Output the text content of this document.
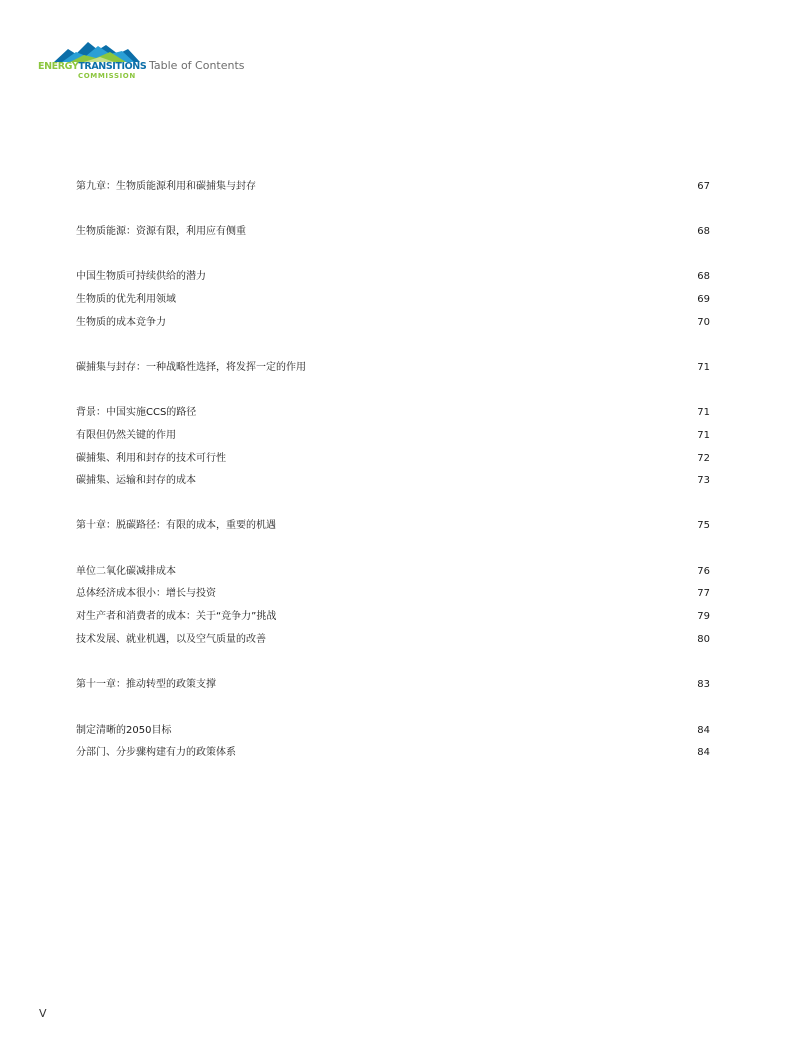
ENERGYTRANSITIONS
COMMISSION
Table of Contents
第九章：生物质能源利用和碳捕集与封存	67
生物质能源：资源有限，利用应有侧重	68
中国生物质可持续供给的潜力	68
生物质的优先利用领域	69
生物质的成本竞争力	70
碳捕集与封存：一种战略性选择，将发挥一定的作用	71
背景：中国实施CCS的路径	71
有限但仍然关键的作用	71
碳捕集、利用和封存的技术可行性	72
碳捕集、运输和封存的成本	73
第十章：脱碳路径：有限的成本，重要的机遇	75
单位二氧化碳减排成本	76
总体经济成本很小：增长与投资	77
对生产者和消费者的成本：关于“竞争力”挑战	79
技术发展、就业机遇，以及空气质量的改善	80
第十一章：推动转型的政策支撑	83
制定清晰的2050目标	84
分部门、分步骤构建有力的政策体系	84
V
